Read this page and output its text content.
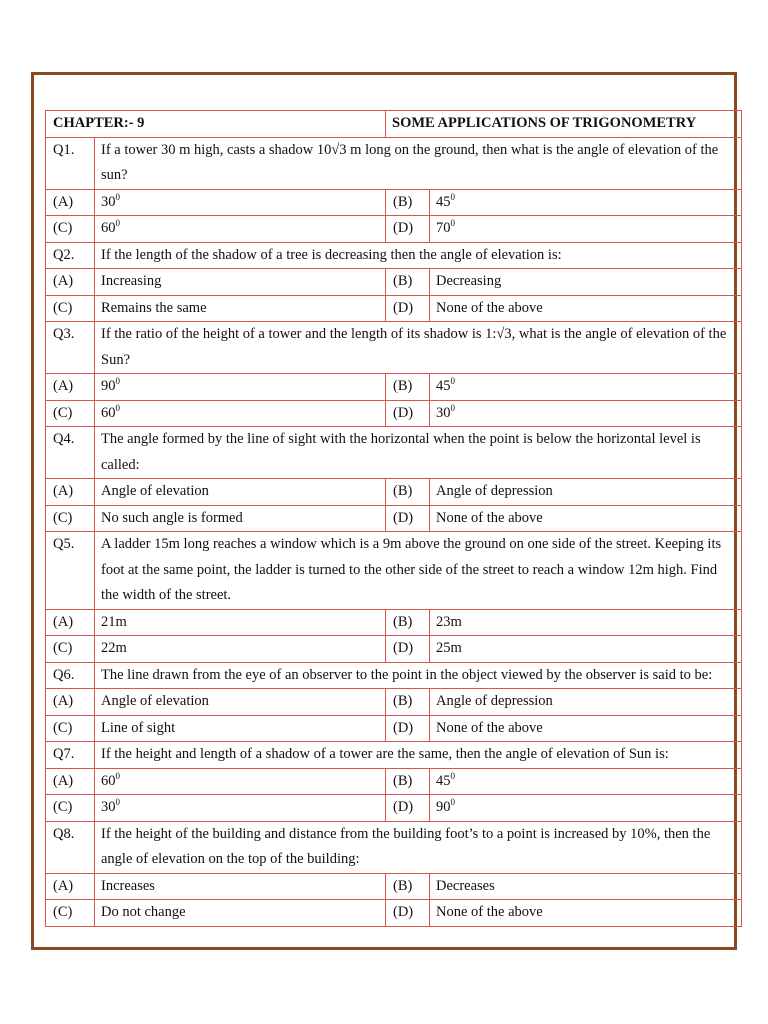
CHAPTER:- 9		SOME APPLICATIONS OF TRIGONOMETRY	
Q1.	If a tower 30 m high, casts a shadow 10√3 m long on the ground, then what is the angle of elevation of the sun?		
(A)	$30^0$	(B)	$45^0$
(C)	$60^0$	(D)	$70^0$
Q2.	If the length of the shadow of a tree is decreasing then the angle of elevation is:		
(A)	Increasing	(B)	Decreasing
(C)	Remains the same	(D)	None of the above
Q3.	If the ratio of the height of a tower and the length of its shadow is 1:√3, what is the angle of elevation of the Sun?		
(A)	$90^0$	(B)	$45^0$
(C)	$60^0$	(D)	$30^0$
Q4.	The angle formed by the line of sight with the horizontal when the point is below the horizontal level is called:		
(A)	Angle of elevation	(B)	Angle of depression
(C)	No such angle is formed	(D)	None of the above
Q5.	A ladder 15m long reaches a window which is a 9m above the ground on one side of the street. Keeping its foot at the same point, the ladder is turned to the other side of the street to reach a window 12m high. Find the width of the street.		
(A)	21m	(B)	23m
(C)	22m	(D)	25m
Q6.	The line drawn from the eye of an observer to the point in the object viewed by the observer is said to be:		
(A)	Angle of elevation	(B)	Angle of depression
(C)	Line of sight	(D)	None of the above
Q7.	If the height and length of a shadow of a tower are the same, then the angle of elevation of Sun is:		
(A)	$60^0$	(B)	$45^0$
(C)	$30^0$	(D)	$90^0$
Q8.	If the height of the building and distance from the building foot’s to a point is increased by 10%, then the angle of elevation on the top of the building:		
(A)	Increases	(B)	Decreases
(C)	Do not change	(D)	None of the above
